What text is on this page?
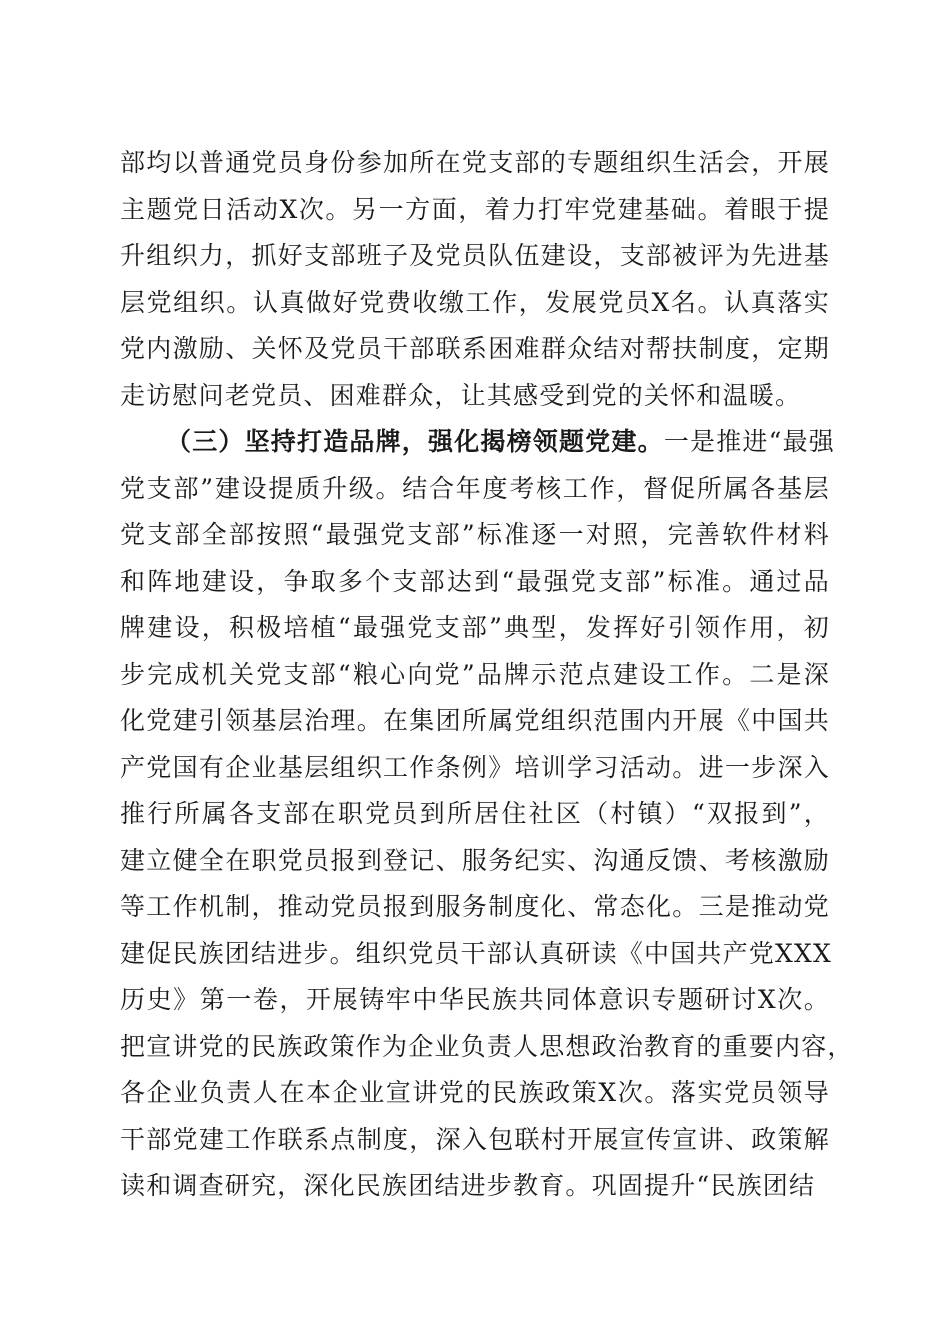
部均以普通党员身份参加所在党支部的专题组织生活会，开展
主题党日活动X次。另一方面，着力打牢党建基础。着眼于提
升组织力，抓好支部班子及党员队伍建设，支部被评为先进基
层党组织。认真做好党费收缴工作，发展党员X名。认真落实
党内激励、关怀及党员干部联系困难群众结对帮扶制度，定期
走访慰问老党员、困难群众，让其感受到党的关怀和温暖。
（三）坚持打造品牌，强化揭榜领题党建。一是推进“最强
党支部”建设提质升级。结合年度考核工作，督促所属各基层
党支部全部按照“最强党支部”标准逐一对照，完善软件材料
和阵地建设，争取多个支部达到“最强党支部”标准。通过品
牌建设，积极培植“最强党支部”典型，发挥好引领作用，初
步完成机关党支部“粮心向党”品牌示范点建设工作。二是深
化党建引领基层治理。在集团所属党组织范围内开展《中国共
产党国有企业基层组织工作条例》培训学习活动。进一步深入
推行所属各支部在职党员到所居住社区（村镇）“双报到”，
建立健全在职党员报到登记、服务纪实、沟通反馈、考核激励
等工作机制，推动党员报到服务制度化、常态化。三是推动党
建促民族团结进步。组织党员干部认真研读《中国共产党XXX
历史》第一卷，开展铸牢中华民族共同体意识专题研讨X次。
把宣讲党的民族政策作为企业负责人思想政治教育的重要内容，
各企业负责人在本企业宣讲党的民族政策X次。落实党员领导
干部党建工作联系点制度，深入包联村开展宣传宣讲、政策解
读和调查研究，深化民族团结进步教育。巩固提升“民族团结
